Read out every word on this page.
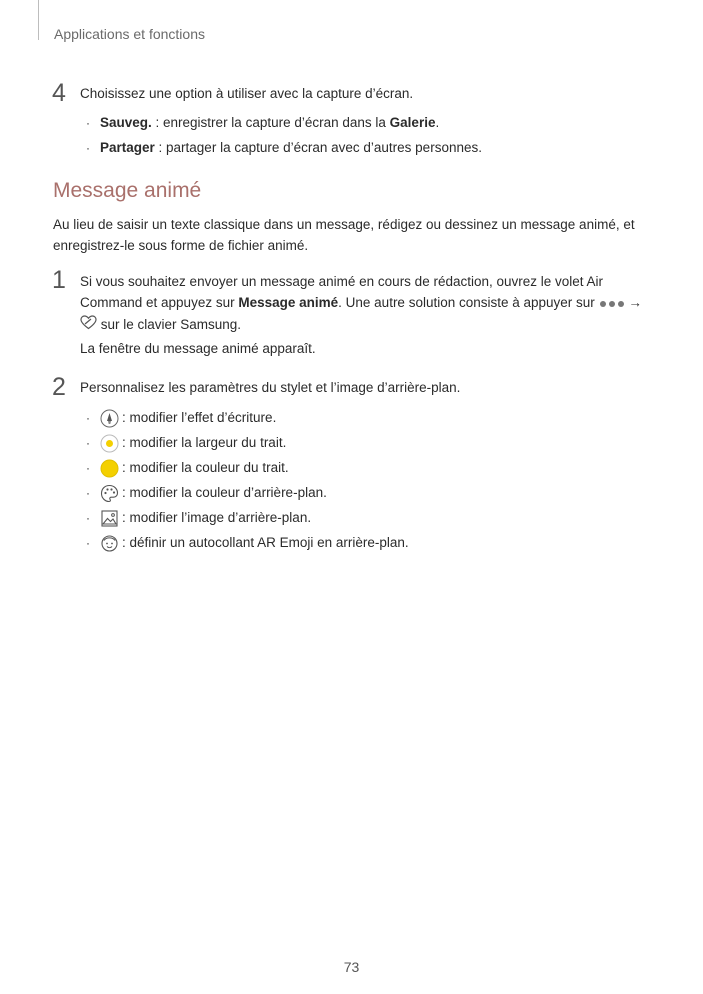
Applications et fonctions
4 Choisissez une option à utiliser avec la capture d’écran.
· Sauveg. : enregistrer la capture d’écran dans la Galerie .
· Partager : partager la capture d’écran avec d’autres personnes.
Message animé
Au lieu de saisir un texte classique dans un message, rédigez ou dessinez un message animé, et
enregistrez-le sous forme de fichier animé.
1 Si vous souhaitez envoyer un message animé en cours de rédaction, ouvrez le volet Air
Command et appuyez sur Message animé. Une autre solution consiste à appuyer sur  →
sur le clavier Samsung.
La fenêtre du message animé apparaît.
2 Personnalisez les paramètres du stylet et l’image d’arrière-plan.
· : modifier l’effet d’écriture.
· : modifier la largeur du trait.
· : modifier la couleur du trait.
· : modifier la couleur d’arrière-plan.
· : modifier l’image d’arrière-plan.
· : définir un autocollant AR Emoji en arrière-plan.
73
